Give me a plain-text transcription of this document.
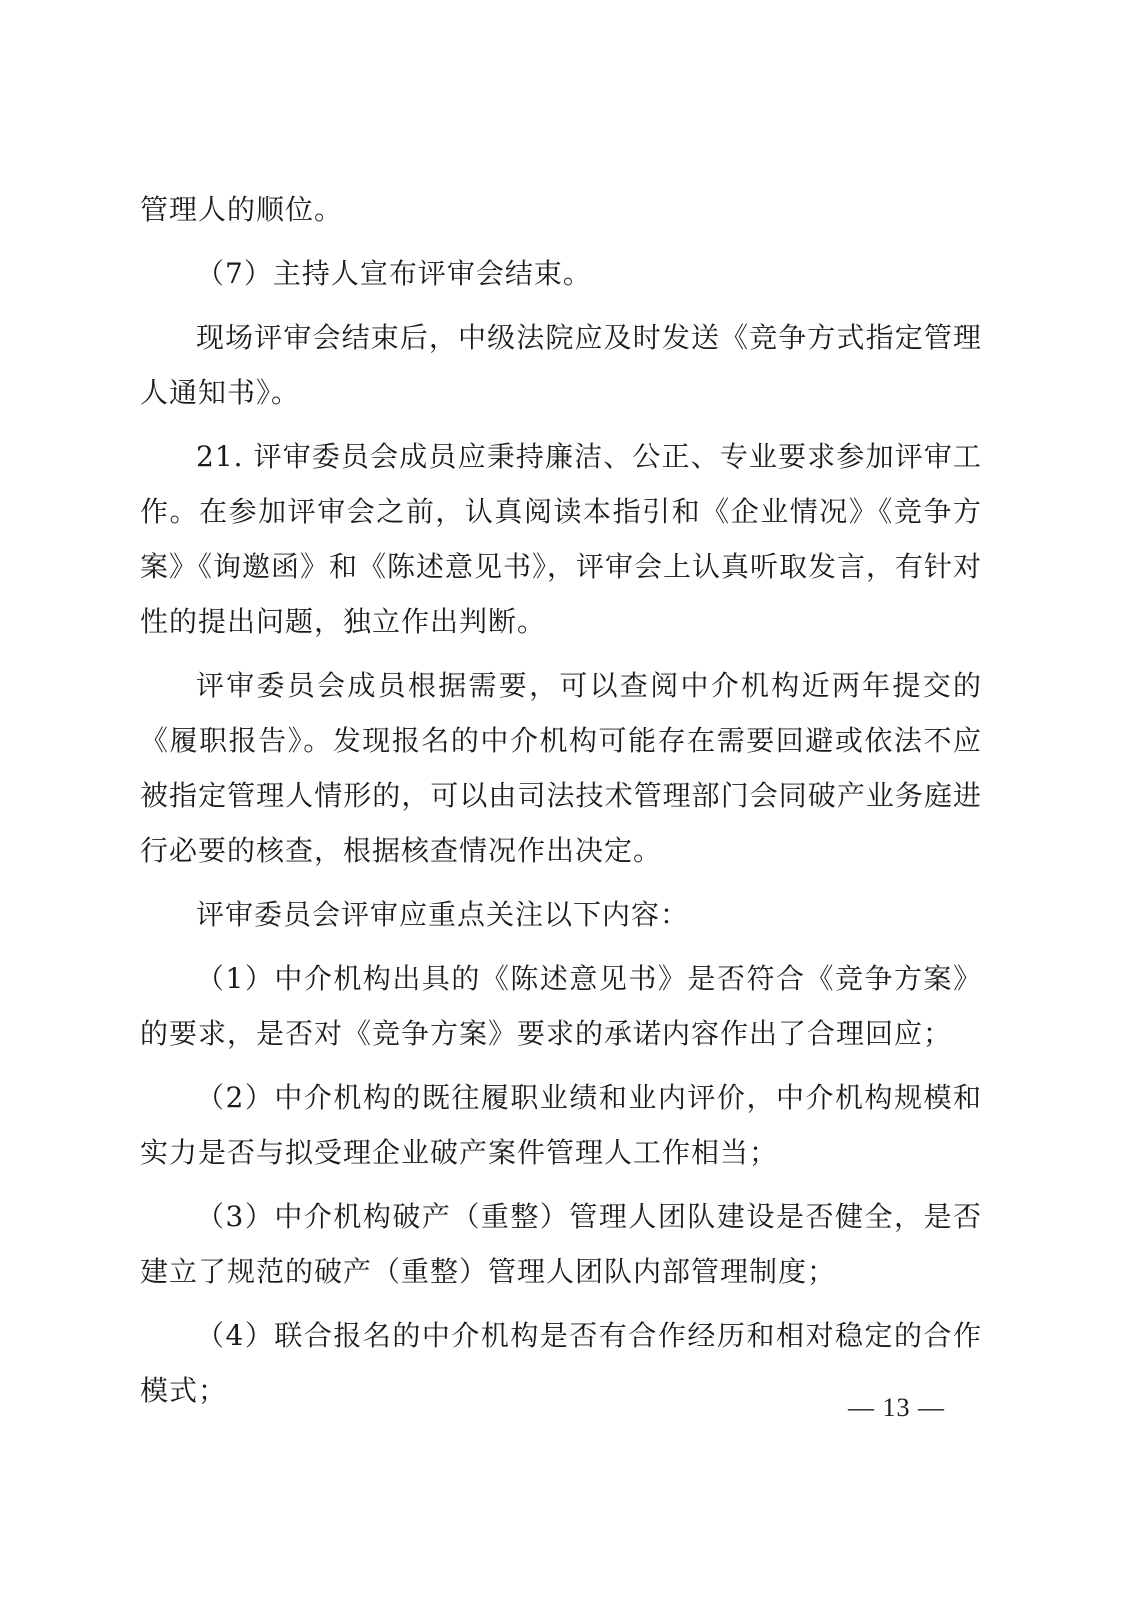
管理人的顺位。

（7）主持人宣布评审会结束。

现场评审会结束后，中级法院应及时发送《竞争方式指定管理人通知书》。

21. 评审委员会成员应秉持廉洁、公正、专业要求参加评审工作。在参加评审会之前，认真阅读本指引和《企业情况》《竞争方案》《询邀函》和《陈述意见书》，评审会上认真听取发言，有针对性的提出问题，独立作出判断。

评审委员会成员根据需要，可以查阅中介机构近两年提交的《履职报告》。发现报名的中介机构可能存在需要回避或依法不应被指定管理人情形的，可以由司法技术管理部门会同破产业务庭进行必要的核查，根据核查情况作出决定。

评审委员会评审应重点关注以下内容：

（1）中介机构出具的《陈述意见书》是否符合《竞争方案》的要求，是否对《竞争方案》要求的承诺内容作出了合理回应；

（2）中介机构的既往履职业绩和业内评价，中介机构规模和实力是否与拟受理企业破产案件管理人工作相当；

（3）中介机构破产（重整）管理人团队建设是否健全，是否建立了规范的破产（重整）管理人团队内部管理制度；

（4）联合报名的中介机构是否有合作经历和相对稳定的合作模式；

— 13 —
